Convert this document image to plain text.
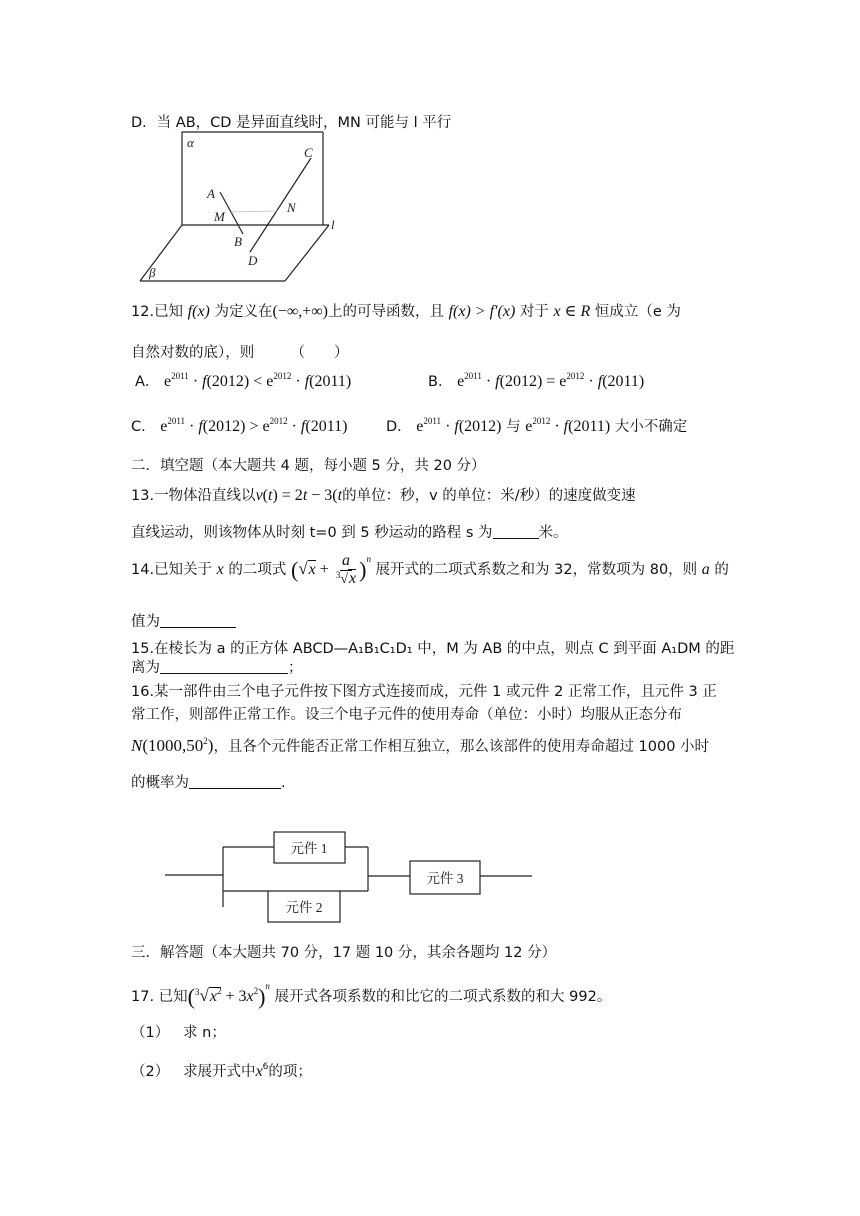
D．当 AB，CD 是异面直线时，MN 可能与 l 平行
α
β
l
A
B
C
D
M
N
12.已知 f(x) 为定义在(−∞,+∞)上的可导函数，且 f(x) > f′(x) 对于 x ∈ R 恒成立（e 为
自然对数的底），则　　　（　　）
A． $e^{2011} \cdot f(2012) < e^{2012} \cdot f(2011)$	B． $e^{2011} \cdot f(2012) = e^{2012} \cdot f(2011)$
C． $e^{2011} \cdot f(2012) > e^{2012} \cdot f(2011)$	D． $e^{2011} \cdot f(2012)$ 与 $e^{2012} \cdot f(2011)$ 大小不确定
二．填空题（本大题共 4 题，每小题 5 分，共 20 分）
13.一物体沿直线以v(t) = 2t − 3(t的单位：秒，v 的单位：米/秒）的速度做变速
直线运动，则该物体从时刻 t=0 到 5 秒运动的路程 s 为	米。
14.已知关于 x 的二项式 $(√x + \frac{a}{^3√x} )^n$ 展开式的二项式系数之和为 32，常数项为 80，则 a 的
值为
15.在棱长为 a 的正方体 ABCD—A₁B₁C₁D₁ 中，M 为 AB 的中点，则点 C 到平面 A₁DM 的距
离为	；
16.某一部件由三个电子元件按下图方式连接而成，元件 1 或元件 2 正常工作，且元件 3 正
常工作，则部件正常工作。设三个电子元件的使用寿命（单位：小时）均服从正态分布
N(1000,50$^2$)，且各个元件能否正常工作相互独立，那么该部件的使用寿命超过 1000 小时
的概率为	.
元件 1
元件 2
元件 3
三．解答题（本大题共 70 分，17 题 10 分，其余各题均 12 分）
17. 已知$(^3√x^2 + 3x^2)^n$ 展开式各项系数的和比它的二项式系数的和大 992。
（1） 求 n；
（2） 求展开式中$x^6$的项；
